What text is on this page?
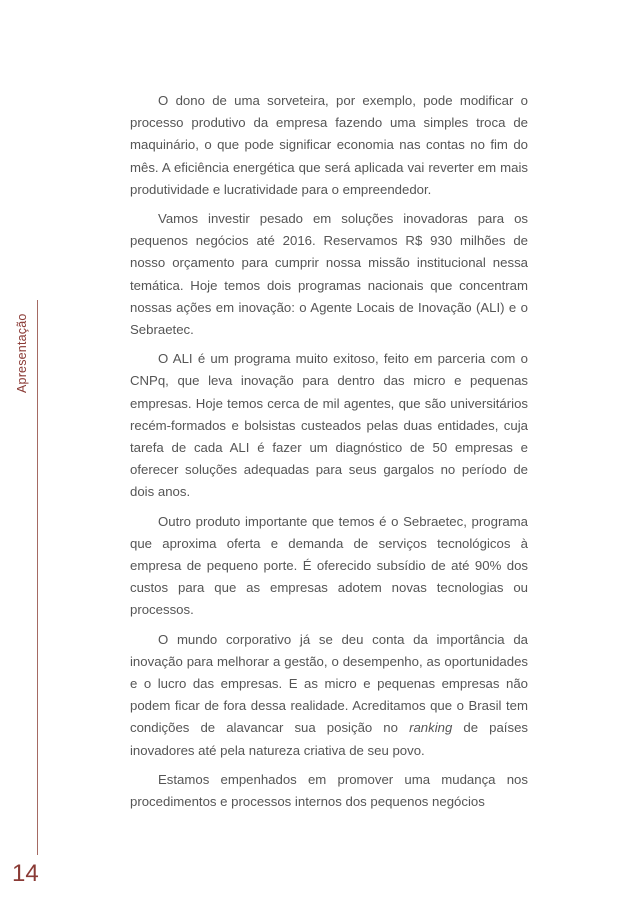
Apresentação
14

O dono de uma sorveteira, por exemplo, pode modificar o processo produtivo da empresa fazendo uma simples troca de maquinário, o que pode significar economia nas contas no fim do mês. A eficiência energética que será aplicada vai reverter em mais produtividade e lucratividade para o empreendedor.

Vamos investir pesado em soluções inovadoras para os pequenos negócios até 2016. Reservamos R$ 930 milhões de nosso orçamento para cumprir nossa missão institucional nessa temática. Hoje temos dois programas nacionais que concentram nossas ações em inovação: o Agente Locais de Inovação (ALI) e o Sebraetec.

O ALI é um programa muito exitoso, feito em parceria com o CNPq, que leva inovação para dentro das micro e pequenas empresas. Hoje temos cerca de mil agentes, que são universitários recém-formados e bolsistas custeados pelas duas entidades, cuja tarefa de cada ALI é fazer um diagnóstico de 50 empresas e oferecer soluções adequadas para seus gargalos no período de dois anos.

Outro produto importante que temos é o Sebraetec, programa que aproxima oferta e demanda de serviços tecnológicos à empresa de pequeno porte. É oferecido subsídio de até 90% dos custos para que as empresas adotem novas tecnologias ou processos.

O mundo corporativo já se deu conta da importância da inovação para melhorar a gestão, o desempenho, as oportunidades e o lucro das empresas. E as micro e pequenas empresas não podem ficar de fora dessa realidade. Acreditamos que o Brasil tem condições de alavancar sua posição no ranking de países inovadores até pela natureza criativa de seu povo.

Estamos empenhados em promover uma mudança nos procedimentos e processos internos dos pequenos negócios
